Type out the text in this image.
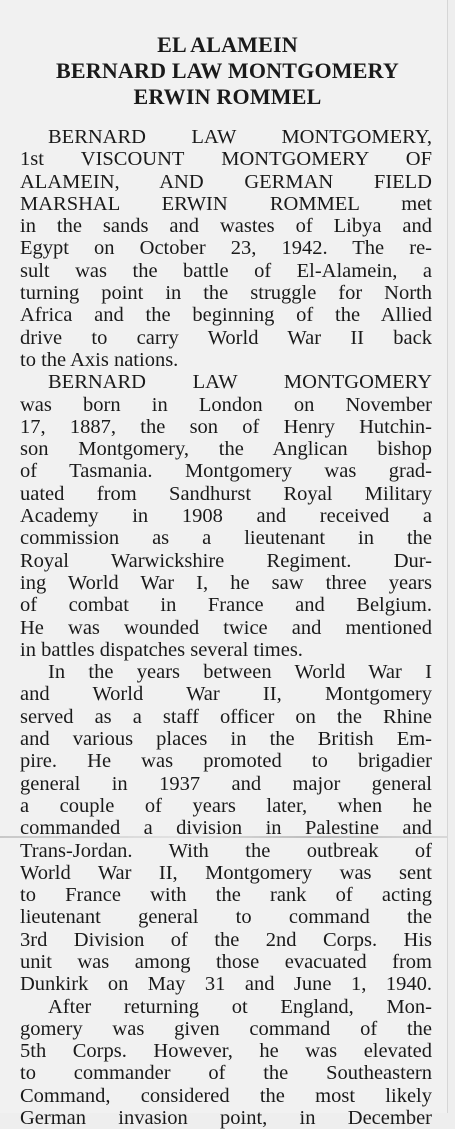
EL ALAMEIN
BERNARD LAW MONTGOMERY
ERWIN ROMMEL
BERNARD LAW MONTGOMERY,
1st VISCOUNT MONTGOMERY OF
ALAMEIN, AND GERMAN FIELD
MARSHAL ERWIN ROMMEL met
in the sands and wastes of Libya and
Egypt on October 23, 1942. The re-
sult was the battle of El-Alamein, a
turning point in the struggle for North
Africa and the beginning of the Allied
drive to carry World War II back
to the Axis nations.
BERNARD LAW MONTGOMERY
was born in London on November
17, 1887, the son of Henry Hutchin-
son Montgomery, the Anglican bishop
of Tasmania. Montgomery was grad-
uated from Sandhurst Royal Military
Academy in 1908 and received a
commission as a lieutenant in the
Royal Warwickshire Regiment. Dur-
ing World War I, he saw three years
of combat in France and Belgium.
He was wounded twice and mentioned
in battles dispatches several times.
In the years between World War I
and World War II, Montgomery
served as a staff officer on the Rhine
and various places in the British Em-
pire. He was promoted to brigadier
general in 1937 and major general
a couple of years later, when he
commanded a division in Palestine and
Trans-Jordan. With the outbreak of
World War II, Montgomery was sent
to France with the rank of acting
lieutenant general to command the
3rd Division of the 2nd Corps. His
unit was among those evacuated from
Dunkirk on May 31 and June 1, 1940.
After returning ot England, Mon-
gomery was given command of the
5th Corps. However, he was elevated
to commander of the Southeastern
Command, considered the most likely
German invasion point, in December
